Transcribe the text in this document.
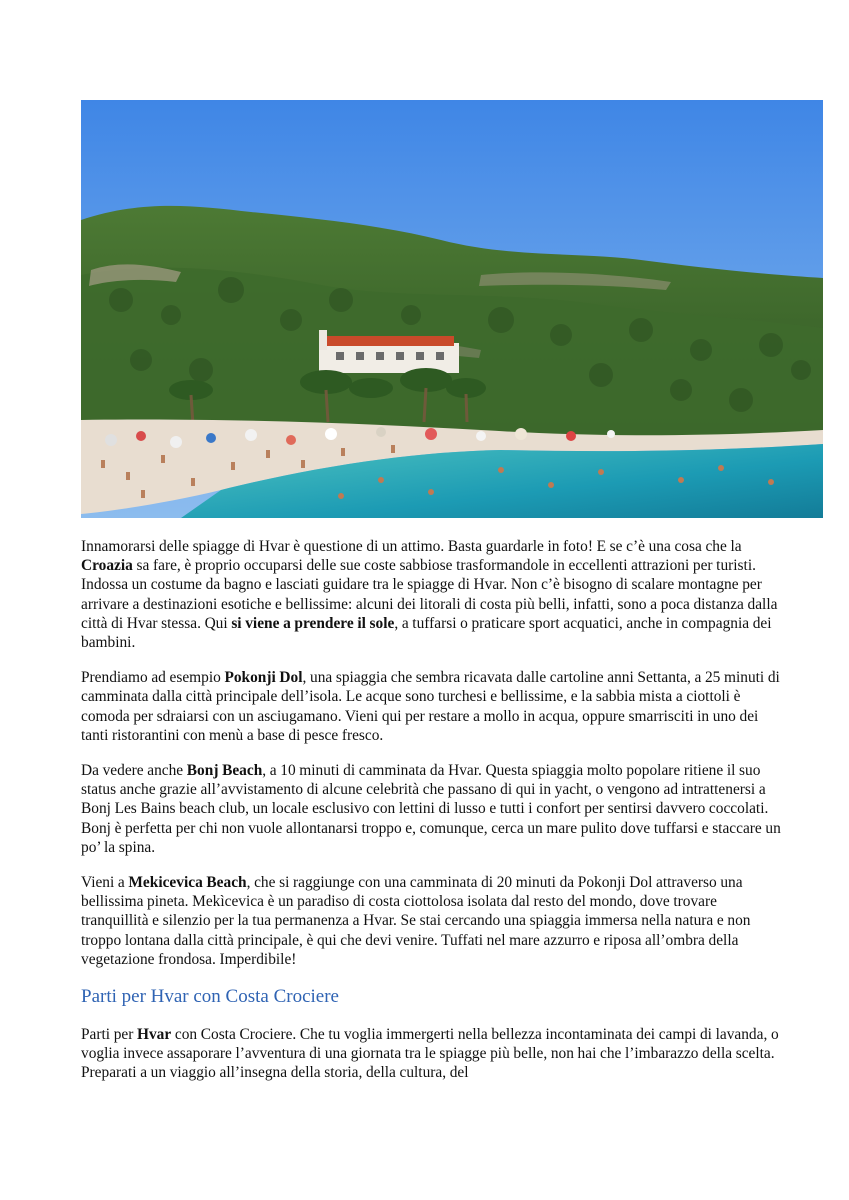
Innamorarsi delle spiagge di Hvar è questione di un attimo. Basta guardarle in foto! E se c’è una cosa che la Croazia sa fare, è proprio occuparsi delle sue coste sabbiose trasformandole in eccellenti attrazioni per turisti. Indossa un costume da bagno e lasciati guidare tra le spiagge di Hvar. Non c’è bisogno di scalare montagne per arrivare a destinazioni esotiche e bellissime: alcuni dei litorali di costa più belli, infatti, sono a poca distanza dalla città di Hvar stessa. Qui si viene a prendere il sole, a tuffarsi o praticare sport acquatici, anche in compagnia dei bambini.

Prendiamo ad esempio Pokonji Dol, una spiaggia che sembra ricavata dalle cartoline anni Settanta, a 25 minuti di camminata dalla città principale dell’isola. Le acque sono turchesi e bellissime, e la sabbia mista a ciottoli è comoda per sdraiarsi con un asciugamano. Vieni qui per restare a mollo in acqua, oppure smarrisciti in uno dei tanti ristorantini con menù a base di pesce fresco.

Da vedere anche Bonj Beach, a 10 minuti di camminata da Hvar. Questa spiaggia molto popolare ritiene il suo status anche grazie all’avvistamento di alcune celebrità che passano di qui in yacht, o vengono ad intrattenersi a Bonj Les Bains beach club, un locale esclusivo con lettini di lusso e tutti i confort per sentirsi davvero coccolati. Bonj è perfetta per chi non vuole allontanarsi troppo e, comunque, cerca un mare pulito dove tuffarsi e staccare un po’ la spina.

Vieni a Mekicevica Beach, che si raggiunge con una camminata di 20 minuti da Pokonji Dol attraverso una bellissima pineta. Mekìcevica è un paradiso di costa ciottolosa isolata dal resto del mondo, dove trovare tranquillità e silenzio per la tua permanenza a Hvar. Se stai cercando una spiaggia immersa nella natura e non troppo lontana dalla città principale, è qui che devi venire. Tuffati nel mare azzurro e riposa all’ombra della vegetazione frondosa. Imperdibile!

Parti per Hvar con Costa Crociere

Parti per Hvar con Costa Crociere. Che tu voglia immergerti nella bellezza incontaminata dei campi di lavanda, o voglia invece assaporare l’avventura di una giornata tra le spiagge più belle, non hai che l’imbarazzo della scelta. Preparati a un viaggio all’insegna della storia, della cultura, del
